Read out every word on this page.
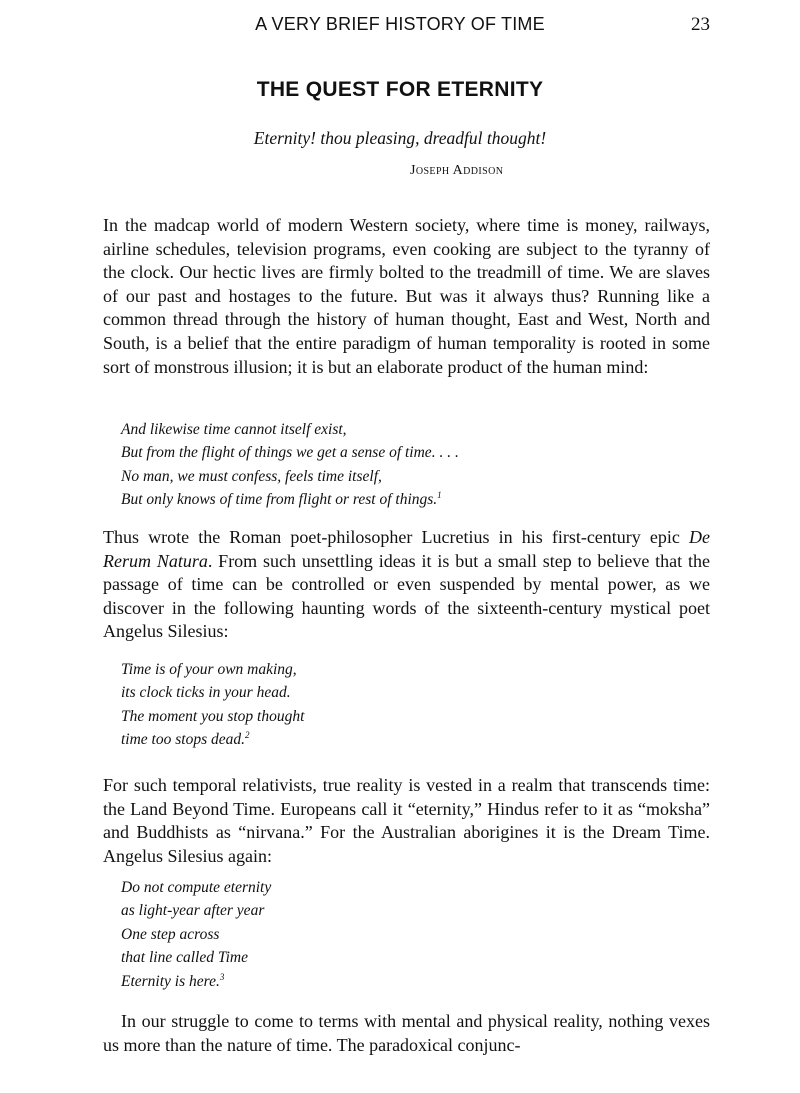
A VERY BRIEF HISTORY OF TIME	23
THE QUEST FOR ETERNITY
Eternity! thou pleasing, dreadful thought!
Joseph Addison

In the madcap world of modern Western society, where time is money, railways, airline schedules, television programs, even cooking are subject to the tyranny of the clock. Our hectic lives are firmly bolted to the treadmill of time. We are slaves of our past and hostages to the future. But was it always thus? Running like a common thread through the history of human thought, East and West, North and South, is a belief that the entire paradigm of human temporality is rooted in some sort of monstrous illusion; it is but an elaborate product of the human mind:

And likewise time cannot itself exist,
But from the flight of things we get a sense of time. . . .
No man, we must confess, feels time itself,
But only knows of time from flight or rest of things.$^1$

Thus wrote the Roman poet-philosopher Lucretius in his first-century epic De Rerum Natura. From such unsettling ideas it is but a small step to believe that the passage of time can be controlled or even suspended by mental power, as we discover in the following haunting words of the sixteenth-century mystical poet Angelus Silesius:

Time is of your own making,
its clock ticks in your head.
The moment you stop thought
time too stops dead.$^2$

For such temporal relativists, true reality is vested in a realm that transcends time: the Land Beyond Time. Europeans call it “eternity,” Hindus refer to it as “moksha” and Buddhists as “nirvana.” For the Australian aborigines it is the Dream Time. Angelus Silesius again:

Do not compute eternity
as light-year after year
One step across
that line called Time
Eternity is here.$^3$

In our struggle to come to terms with mental and physical reality, nothing vexes us more than the nature of time. The paradoxical conjunc-
